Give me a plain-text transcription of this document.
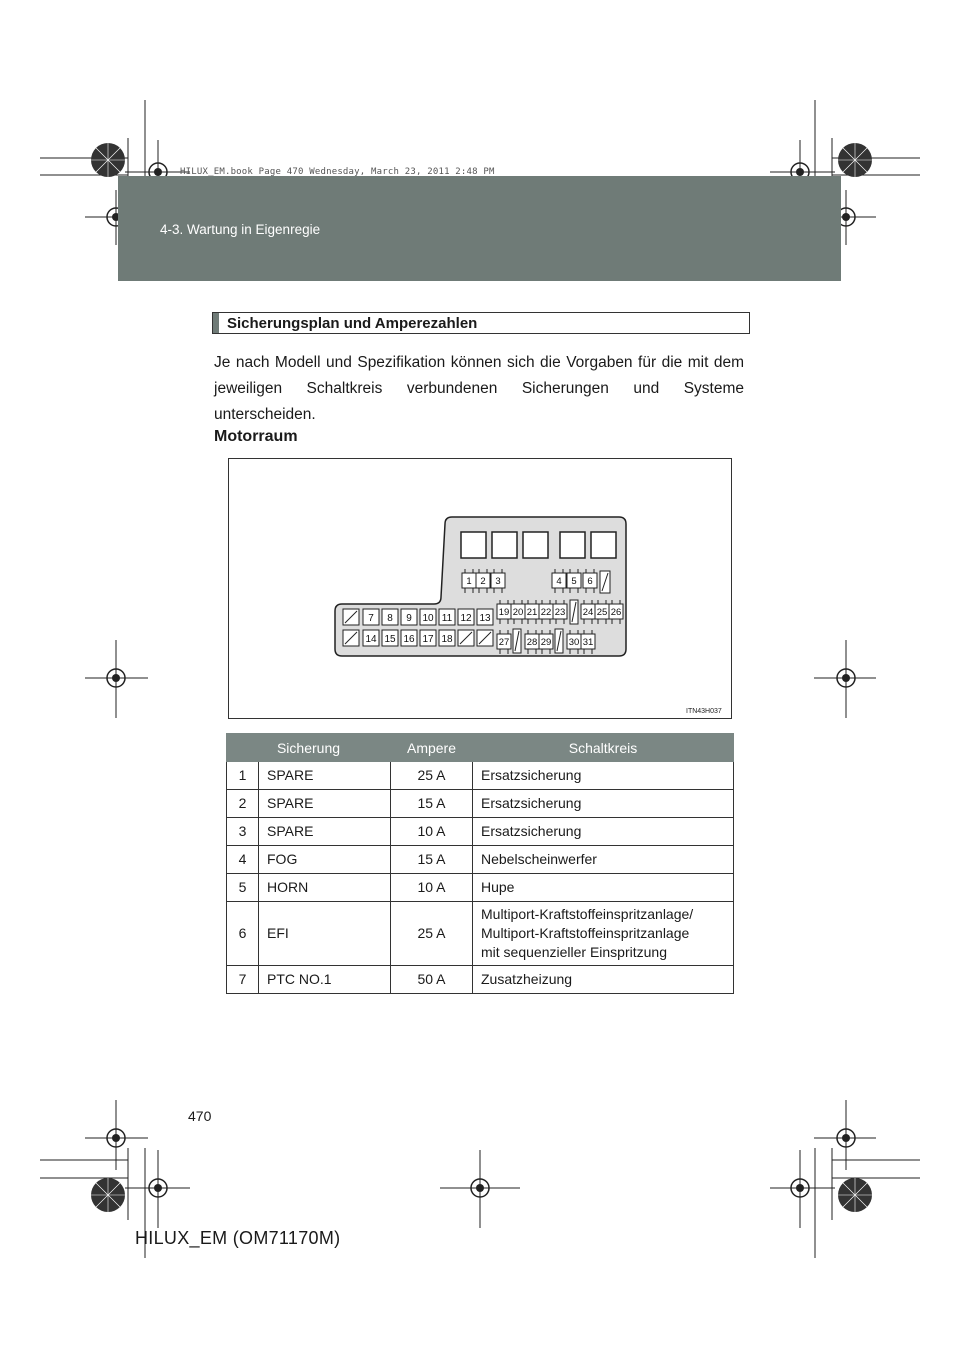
HILUX_EM.book Page 470 Wednesday, March 23, 2011 2:48 PM
4-3. Wartung in Eigenregie
Sicherungsplan und Amperezahlen

Je nach Modell und Spezifikation können sich die Vorgaben für die mit dem jeweiligen Schaltkreis verbundenen Sicherungen und Systeme unterscheiden.

Motorraum
1 2 3	4 5 6
7 8 9 10 11 12 13
14 15 16 17 18
19 20 21 22 23 24 25 26
27 28 29 30 31
ITN43H037
Sicherung		Ampere	Schaltkreis
1	SPARE	25 A	Ersatzsicherung
2	SPARE	15 A	Ersatzsicherung
3	SPARE	10 A	Ersatzsicherung
4	FOG	15 A	Nebelscheinwerfer
5	HORN	10 A	Hupe
6	EFI	25 A	Multiport-Kraftstoffeinspritzanlage/
Multiport-Kraftstoffeinspritzanlage
mit sequenzieller Einspritzung
7	PTC NO.1	50 A	Zusatzheizung
470
HILUX_EM (OM71170M)
